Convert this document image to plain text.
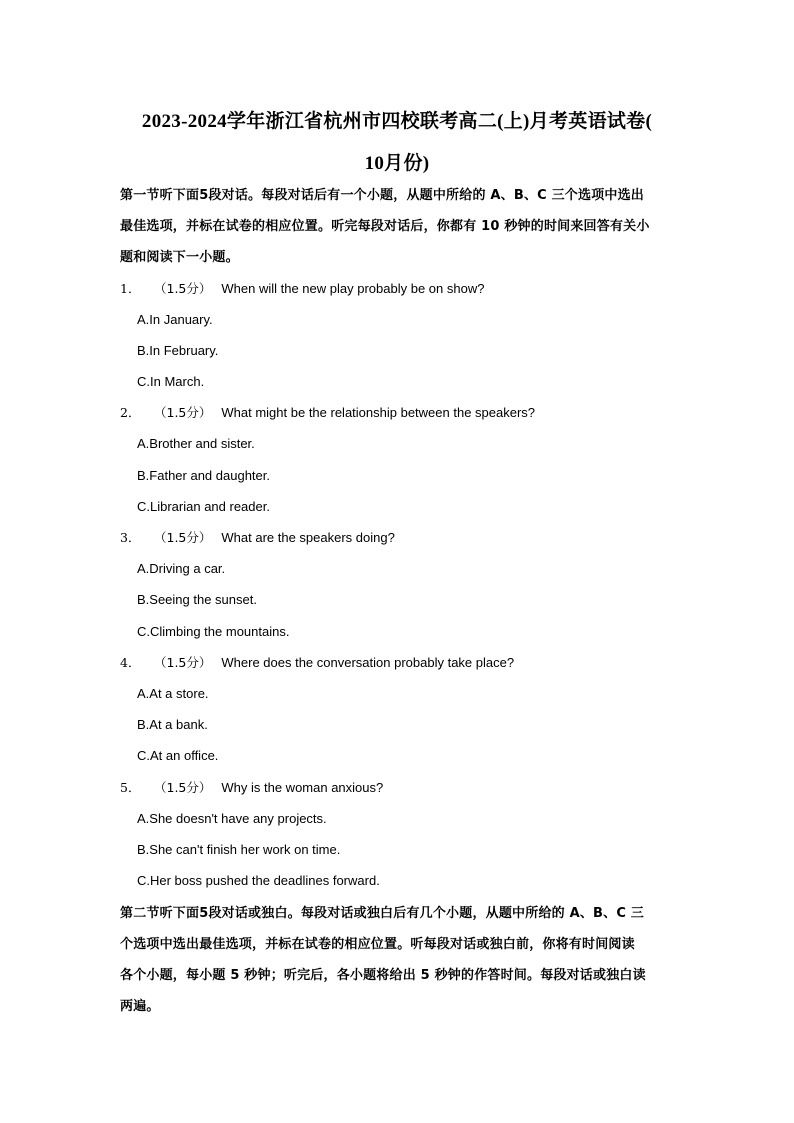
2023-2024学年浙江省杭州市四校联考高二(上)月考英语试卷(
10月份)

第一节听下面5段对话。每段对话后有一个小题，从题中所给的 A、B、C 三个选项中选出

最佳选项，并标在试卷的相应位置。听完每段对话后，你都有 10 秒钟的时间来回答有关小

题和阅读下一小题。

1． （1.5分） When will the new play probably be on show?
A.In January.
B.In February.
C.In March.
2． （1.5分） What might be the relationship between the speakers?
A.Brother and sister.
B.Father and daughter.
C.Librarian and reader.
3． （1.5分） What are the speakers doing?
A.Driving a car.
B.Seeing the sunset.
C.Climbing the mountains.
4． （1.5分） Where does the conversation probably take place?
A.At a store.
B.At a bank.
C.At an office.
5． （1.5分） Why is the woman anxious?
A.She doesn't have any projects.
B.She can't finish her work on time.
C.Her boss pushed the deadlines forward.

第二节听下面5段对话或独白。每段对话或独白后有几个小题，从题中所给的 A、B、C 三

个选项中选出最佳选项，并标在试卷的相应位置。听每段对话或独白前，你将有时间阅读

各个小题，每小题 5 秒钟；听完后，各小题将给出 5 秒钟的作答时间。每段对话或独白读

两遍。
